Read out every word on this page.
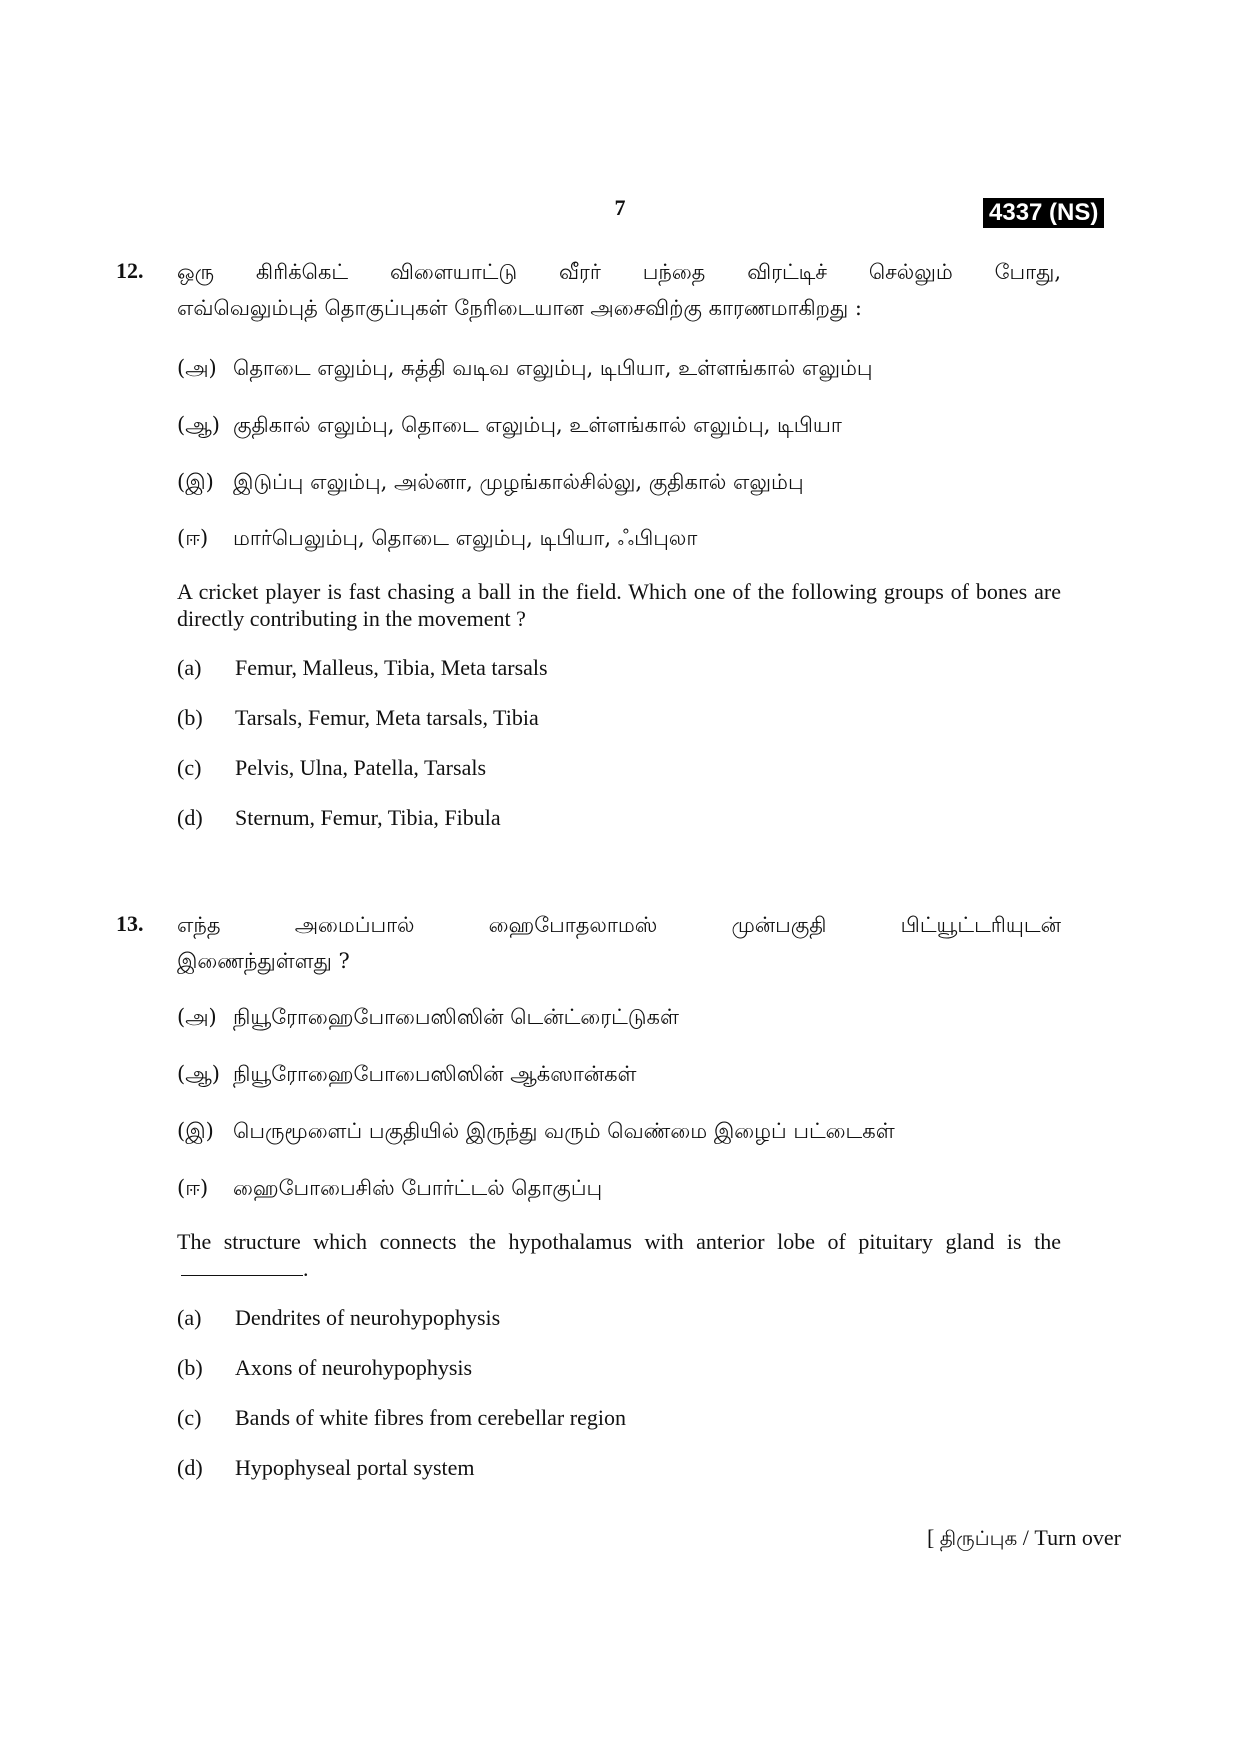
7	4337 (NS)
12. ஒரு கிரிக்கெட் விளையாட்டு வீரர் பந்தை விரட்டிச் செல்லும் போது,
எவ்வெலும்புத் தொகுப்புகள் நேரிடையான அசைவிற்கு காரணமாகிறது :
(அ) தொடை எலும்பு, சுத்தி வடிவ எலும்பு, டிபியா, உள்ளங்கால் எலும்பு
(ஆ) குதிகால் எலும்பு, தொடை எலும்பு, உள்ளங்கால் எலும்பு, டிபியா
(இ) இடுப்பு எலும்பு, அல்னா, முழங்கால்சில்லு, குதிகால் எலும்பு
(ஈ) மார்பெலும்பு, தொடை எலும்பு, டிபியா, ஃபிபுலா
A cricket player is fast chasing a ball in the field. Which one of the following groups of bones are directly contributing in the movement ?
(a) Femur, Malleus, Tibia, Meta tarsals
(b) Tarsals, Femur, Meta tarsals, Tibia
(c) Pelvis, Ulna, Patella, Tarsals
(d) Sternum, Femur, Tibia, Fibula
13. எந்த அமைப்பால் ஹைபோதலாமஸ் முன்பகுதி பிட்யூட்டரியுடன்
இணைந்துள்ளது ?
(அ) நியூரோஹைபோபைஸிஸின் டென்ட்ரைட்டுகள்
(ஆ) நியூரோஹைபோபைஸிஸின் ஆக்ஸான்கள்
(இ) பெருமூளைப் பகுதியில் இருந்து வரும் வெண்மை இழைப் பட்டைகள்
(ஈ) ஹைபோபைசிஸ் போர்ட்டல் தொகுப்பு
The structure which connects the hypothalamus with anterior lobe of pituitary gland is the.
(a) Dendrites of neurohypophysis
(b) Axons of neurohypophysis
(c) Bands of white fibres from cerebellar region
(d) Hypophyseal portal system
[ திருப்புக / Turn over
